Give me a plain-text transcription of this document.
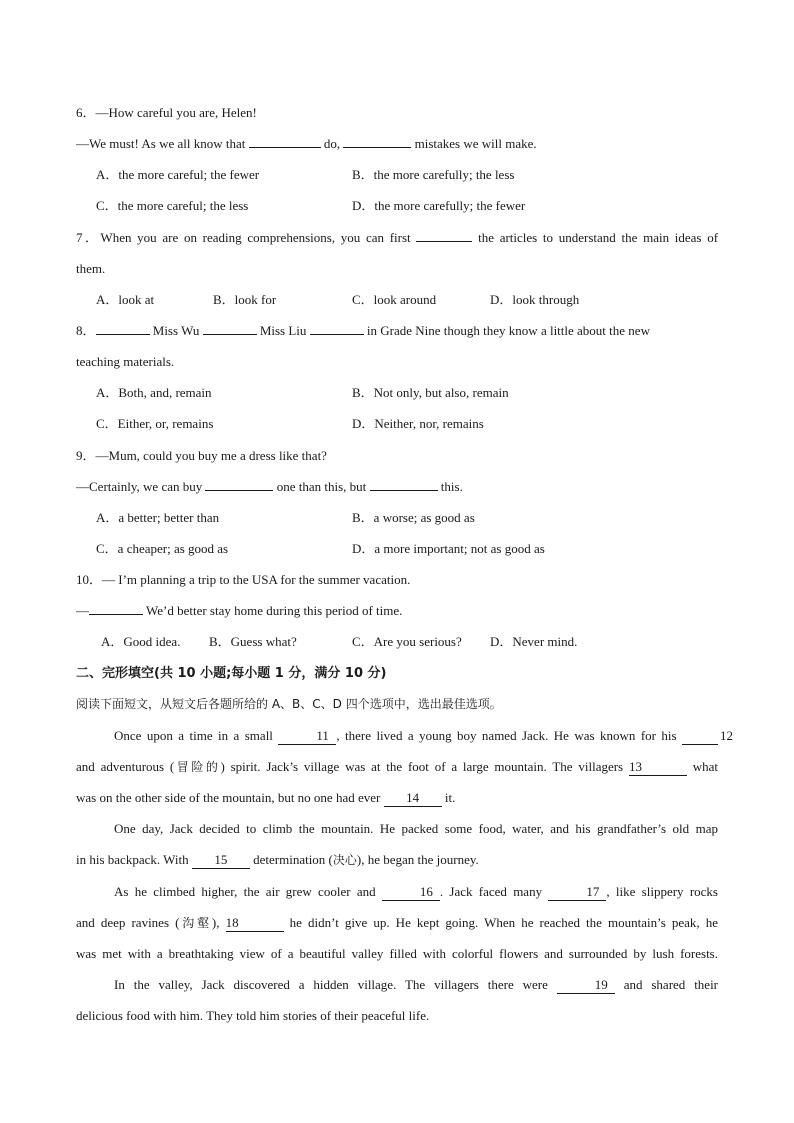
6．—How careful you are, Helen!
—We must! As we all know that	do,	mistakes we will make.
A．the more careful; the fewer	B．the more carefully; the less
C．the more careful; the less	D．the more carefully; the fewer
7．When you are on reading comprehensions, you can first	the articles to understand the main ideas of
them.
A．look at	B．look for	C．look around	D．look through
8．	Miss Wu	Miss Liu	in Grade Nine though they know a little about the new
teaching materials.
A．Both, and, remain	B．Not only, but also, remain
C．Either, or, remains	D．Neither, nor, remains
9．—Mum, could you buy me a dress like that?
—Certainly, we can buy	one than this, but	this.
A．a better; better than	B．a worse; as good as
C．a cheaper; as good as	D．a more important; not as good as
10．— I’m planning a trip to the USA for the summer vacation.
—	We’d better stay home during this period of time.
A．Good idea. B．Guess what?	C．Are you serious? D．Never mind.
二、完形填空(共 10 小题;每小题 1 分，满分 10 分)
阅读下面短文，从短文后各题所给的 A、B、C、D 四个选项中，选出最佳选项。
Once upon a time in a small	11 , there lived a young boy named Jack. He was known for his	12
and adventurous (冒险的) spirit. Jack’s village was at the foot of a large mountain. The villagers 13	what
was on the other side of the mountain, but no one had ever 14 it.
One day, Jack decided to climb the mountain. He packed some food, water, and his grandfather’s old map
in his backpack. With 15 determination (决心), he began the journey.
As he climbed higher, the air grew cooler and	16 . Jack faced many	17 , like slippery rocks
and deep ravines (沟壑), 18	he didn’t give up. He kept going. When he reached the mountain’s peak, he
was met with a breathtaking view of a beautiful valley filled with colorful flowers and surrounded by lush forests.
In the valley, Jack discovered a hidden village. The villagers there were	19 and shared their
delicious food with him. They told him stories of their peaceful life.
